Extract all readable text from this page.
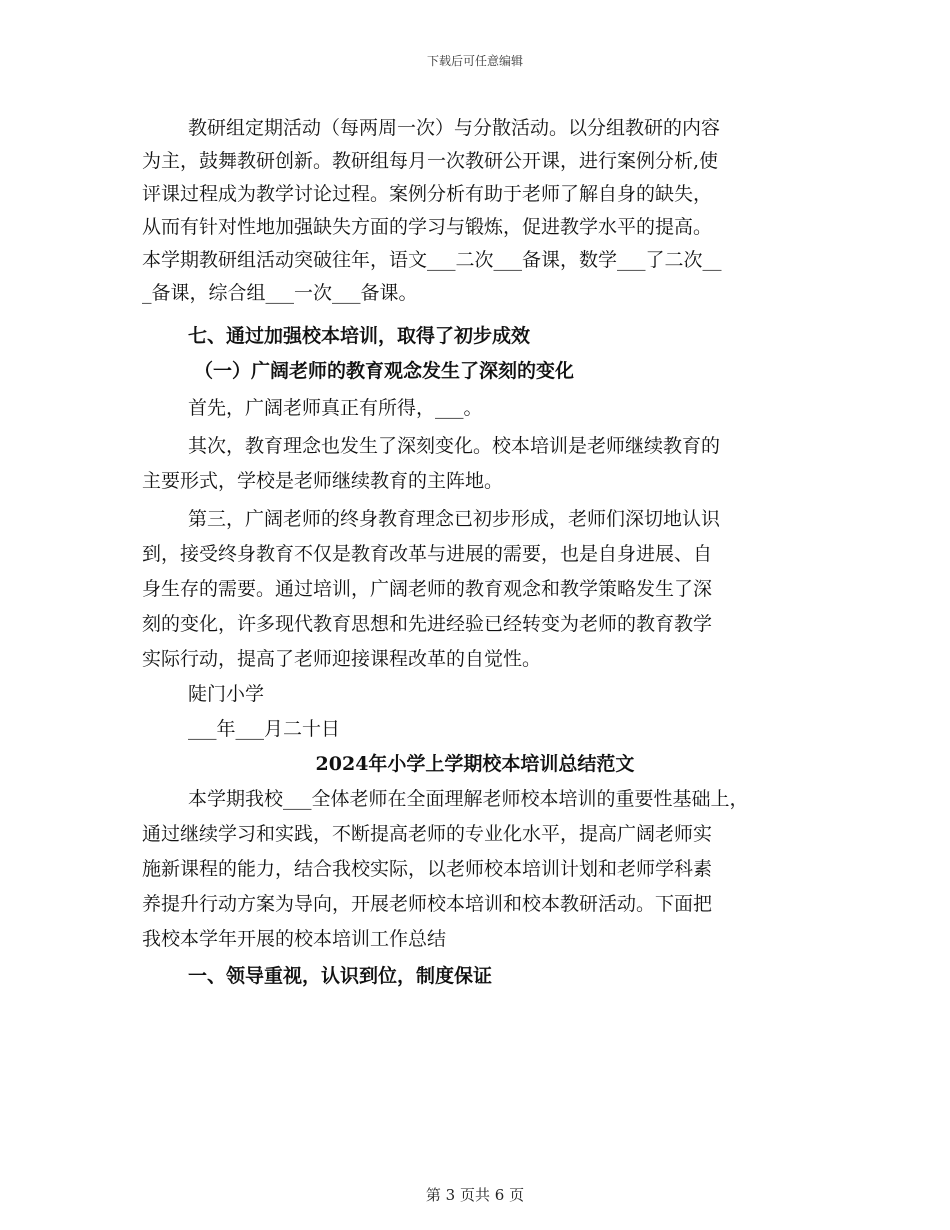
下载后可任意编辑
教研组定期活动（每两周一次）与分散活动。以分组教研的内容
为主，鼓舞教研创新。教研组每月一次教研公开课，进行案例分析,使
评课过程成为教学讨论过程。案例分析有助于老师了解自身的缺失，
从而有针对性地加强缺失方面的学习与锻炼，促进教学水平的提高。
本学期教研组活动突破往年，语文___二次___备课，数学___了二次__
_备课，综合组___一次___备课。
七、通过加强校本培训，取得了初步成效
（一）广阔老师的教育观念发生了深刻的变化
首先，广阔老师真正有所得，___。
其次，教育理念也发生了深刻变化。校本培训是老师继续教育的
主要形式，学校是老师继续教育的主阵地。
第三，广阔老师的终身教育理念已初步形成，老师们深切地认识
到，接受终身教育不仅是教育改革与进展的需要，也是自身进展、自
身生存的需要。通过培训，广阔老师的教育观念和教学策略发生了深
刻的变化，许多现代教育思想和先进经验已经转变为老师的教育教学
实际行动，提高了老师迎接课程改革的自觉性。
陡门小学
___年___月二十日
2024年小学上学期校本培训总结范文
本学期我校___全体老师在全面理解老师校本培训的重要性基础上，
通过继续学习和实践，不断提高老师的专业化水平，提高广阔老师实
施新课程的能力，结合我校实际，以老师校本培训计划和老师学科素
养提升行动方案为导向，开展老师校本培训和校本教研活动。下面把
我校本学年开展的校本培训工作总结
一、领导重视，认识到位，制度保证
第 3 页共 6 页
